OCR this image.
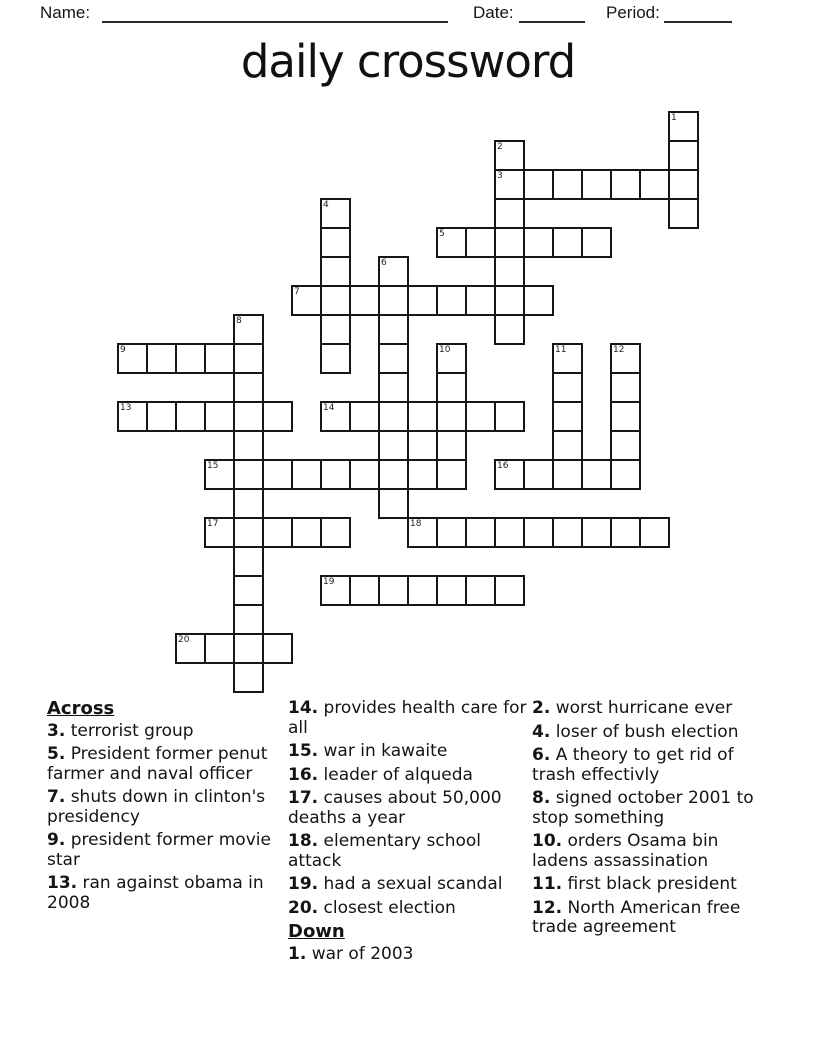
Name:	Date:	Period:
daily crossword
1
2
3
4
5
6
7
8
9	10	11	12
13	14
15	16
17	18
19
20
Across
3. terrorist group
5. President former penut farmer and naval officer
7. shuts down in clinton's presidency
9. president former movie star
13. ran against obama in 2008
14. provides health care for all
15. war in kawaite
16. leader of alqueda
17. causes about 50,000 deaths a year
18. elementary school attack
19. had a sexual scandal
20. closest election
Down
1. war of 2003
2. worst hurricane ever
4. loser of bush election
6. A theory to get rid of trash effectivly
8. signed october 2001 to stop something
10. orders Osama bin ladens assassination
11. first black president
12. North American free trade agreement
